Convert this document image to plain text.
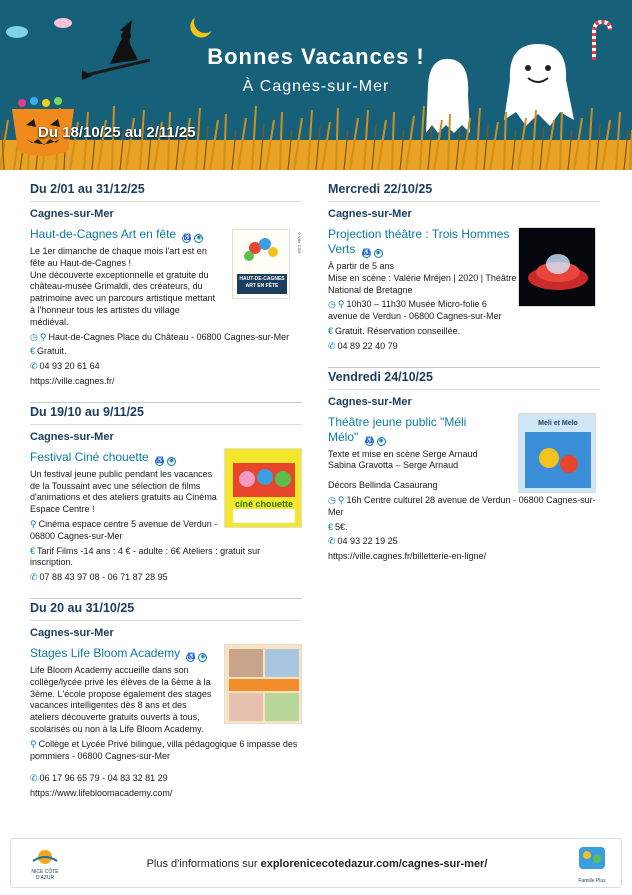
Bonnes Vacances !
À Cagnes-sur-Mer
Du 18/10/25 au 2/11/25
Du 2/01 au 31/12/25
Cagnes-sur-Mer
HAUT-DE-CAGNES ART EN FÊTE
©Ville CSM
Haut-de-Cagnes Art en fête ♿ ◉
Le 1er dimanche de chaque mois l'art est en fête au Haut-de-Cagnes !
Une découverte exceptionnelle et gratuite du château-musée Grimaldi, des créateurs, du patrimoine avec un parcours artistique mettant à l'honneur tous les artistes du village médiéval.
◷ ⚲ Haut-de-Cagnes Place du Château - 06800 Cagnes-sur-Mer
€ Gratuit.
✆ 04 93 20 61 64
https://ville.cagnes.fr/
Du 19/10 au 9/11/25
Cagnes-sur-Mer
ciné chouette
Festival Ciné chouette ♿ ◉
Un festival jeune public pendant les vacances de la Toussaint avec une sélection de films d'animations et des ateliers gratuits au Cinéma Espace Centre !
⚲ Cinéma espace centre 5 avenue de Verdun - 06800 Cagnes-sur-Mer
€ Tarif Films -14 ans : 4 € - adulte : 6€ Ateliers : gratuit sur inscription.
✆ 07 88 43 97 08 - 06 71 87 28 95
Du 20 au 31/10/25
Cagnes-sur-Mer
Stages Life Bloom Academy ♿ ◉
Life Bloom Academy accueille dans son collège/lycée privé les élèves de la 6ème à la 3ème. L'école propose également des stages vacances intelligentes dès 8 ans et des ateliers découverte gratuits ouverts à tous, scolarisés ou non à la Life Bloom Academy.
⚲ Collège et Lycée Privé bilingue, villa pédagogique 6 impasse des pommiers - 06800 Cagnes-sur-Mer
✆ 06 17 96 65 79 - 04 83 32 81 29
https://www.lifebloomacademy.com/
Mercredi 22/10/25
Cagnes-sur-Mer
Projection théâtre : Trois Hommes Verts ♿ ◉
À partir de 5 ans
Mise en scène : Valérie Mréjen | 2020 | Théâtre National de Bretagne
◷ ⚲ 10h30 – 11h30 Musée Micro-folie 6 avenue de Verdun - 06800 Cagnes-sur-Mer
€ Gratuit. Réservation conseillée.
✆ 04 89 22 40 79
Vendredi 24/10/25
Cagnes-sur-Mer
Meli et Melo
Théâtre jeune public "Méli Mélo" ♿ ◉
Texte et mise en scène Serge Arnaud
Sabina Gravotta – Serge Arnaud
Décors Bellinda Casaurang
◷ ⚲ 16h Centre culturel 28 avenue de Verdun - 06800 Cagnes-sur-Mer
€ 5€.
✆ 04 93 22 19 25
https://ville.cagnes.fr/billetterie-en-ligne/
NICE CÔTE D'AZUR
Plus d'informations sur explorenicecotedazur.com/cagnes-sur-mer/
Famille Plus
